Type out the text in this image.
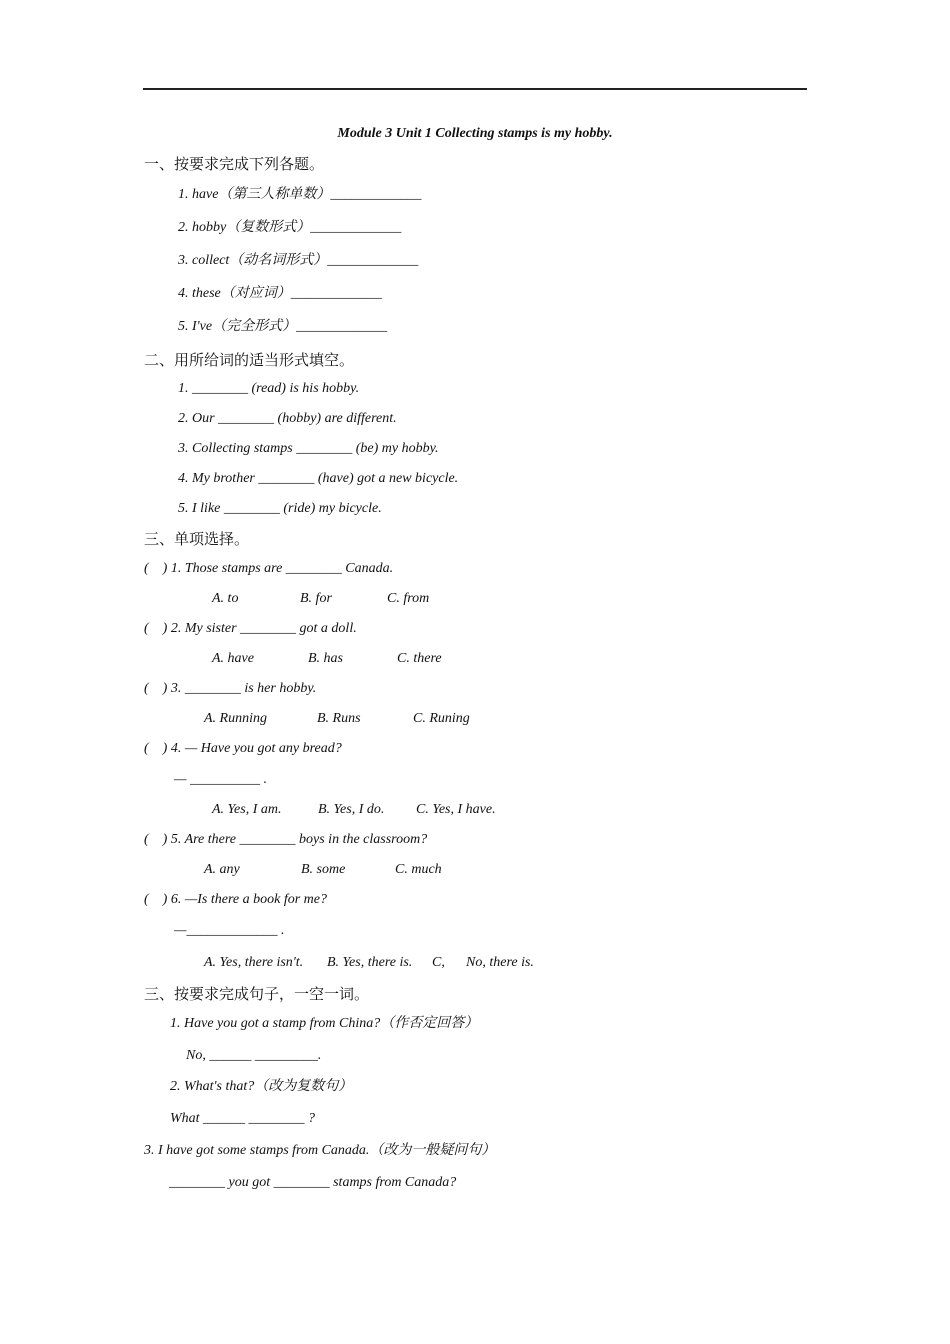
Module 3 Unit 1 Collecting stamps is my hobby.
一、按要求完成下列各题。
1. have（第三人称单数）_____________
2. hobby（复数形式）_____________
3. collect（动名词形式）_____________
4. these（对应词）_____________
5. I've（完全形式）_____________
二、用所给词的适当形式填空。
1. ________ (read) is his hobby.
2. Our ________ (hobby) are different.
3. Collecting stamps ________ (be) my hobby.
4. My brother ________ (have) got a new bicycle.
5. I like ________ (ride) my bicycle.
三、单项选择。
(    ) 1. Those stamps are ________ Canada.
A. to	B. for	C. from
(    ) 2. My sister ________ got a doll.
A. have	B. has	C. there
(    ) 3. ________ is her hobby.
A. Running	B. Runs	C. Runing
(    ) 4. — Have you got any bread?
— __________ .
A. Yes, I am.	B. Yes, I do. C. Yes, I have.
(    ) 5. Are there ________ boys in the classroom?
A. any	B. some	C. much
(    ) 6. —Is there a book for me?
—_____________ .
A. Yes, there isn't. B. Yes, there is. C, No, there is.
三、按要求完成句子，一空一词。
1. Have you got a stamp from China?（作否定回答）
No, ______ _________.
2. What's that?（改为复数句）
What ______ ________ ?
3. I have got some stamps from Canada.（改为一般疑问句）
________ you got ________ stamps from Canada?
